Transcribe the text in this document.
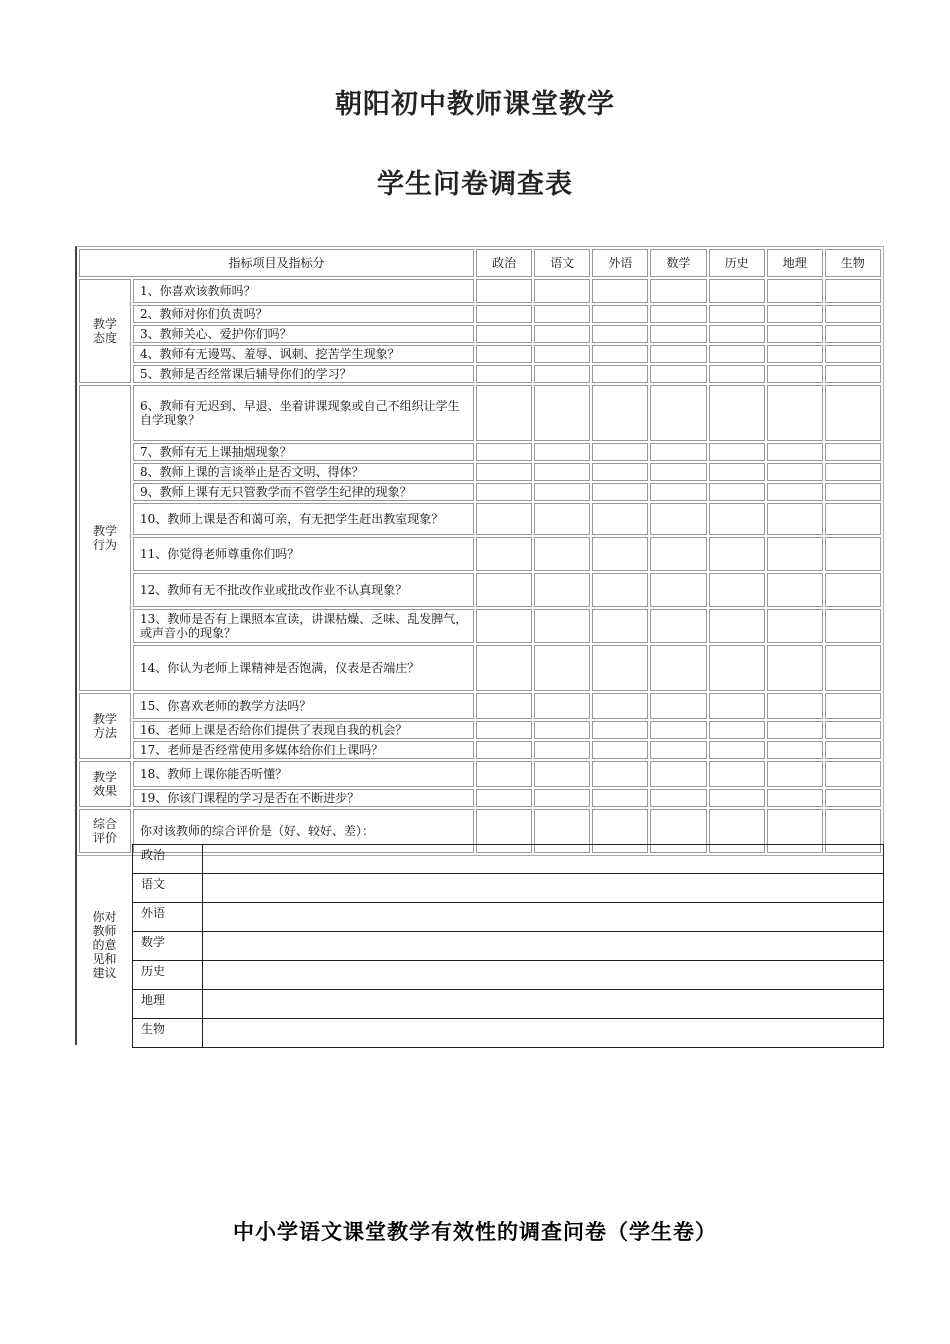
朝阳初中教师课堂教学
学生问卷调查表
指标项目及指标分		政治	语文	外语	数学	历史	地理	生物

教学态度	1、你喜欢该教师吗？							
	2、教师对你们负责吗？							
	3、教师关心、爱护你们吗？							
	4、教师有无谩骂、羞辱、讽刺、挖苦学生现象？							
	5、教师是否经常课后辅导你们的学习？							

教学行为	6、教师有无迟到、早退、坐着讲课现象或自己不组织让学生自学现象？							
	7、教师有无上课抽烟现象？							
	8、教师上课的言谈举止是否文明、得体？							
	9、教师上课有无只管教学而不管学生纪律的现象？							
	10、教师上课是否和蔼可亲，有无把学生赶出教室现象？							
	11、你觉得老师尊重你们吗？							
	12、教师有无不批改作业或批改作业不认真现象？							
	13、教师是否有上课照本宣读，讲课枯燥、乏味、乱发脾气，或声音小的现象？							
	14、你认为老师上课精神是否饱满，仪表是否端庄？							

教学方法	15、你喜欢老师的教学方法吗？							
	16、老师上课是否给你们提供了表现自我的机会？							
	17、老师是否经常使用多媒体给你们上课吗？							

教学效果	18、教师上课你能否听懂？							
	19、你该门课程的学习是否在不断进步？							

综合评价	你对该教师的综合评价是（好、较好、差）：							
你对教师的意见和建议
政治	
语文	
外语	
数学	
历史	
地理	
生物	
中小学语文课堂教学有效性的调查问卷（学生卷）
